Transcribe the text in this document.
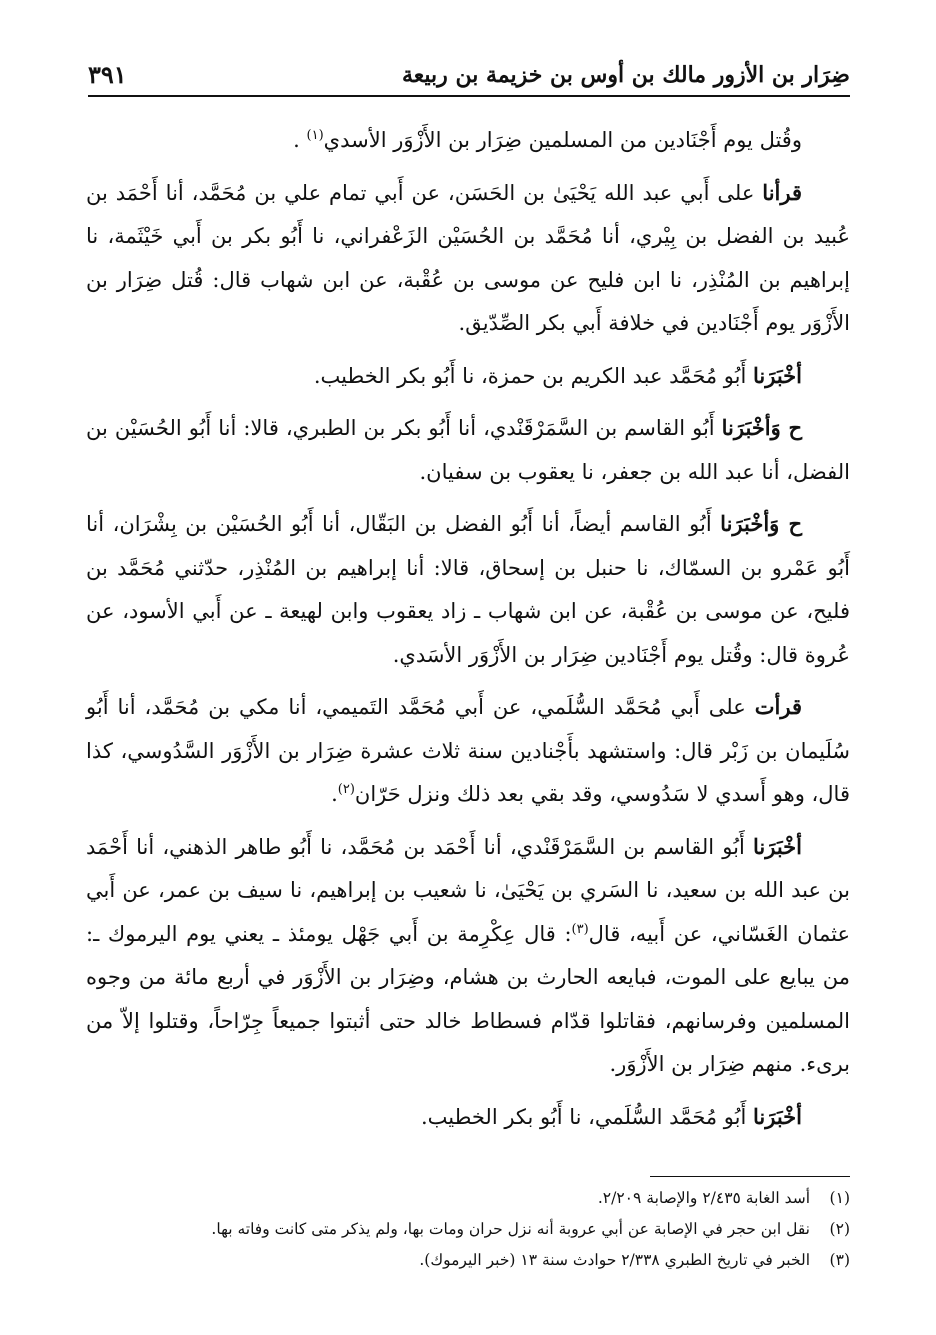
ضِرَار بن الأزور مالك بن أوس بن خزيمة بن ربيعة
٣٩١

وقُتل يوم أَجْنَادين من المسلمين ضِرَار بن الأَزْوَر الأسدي$^{(١)}$ .

قرأنا على أَبي عبد الله يَحْيَىٰ بن الحَسَن، عن أَبي تمام علي بن مُحَمَّد، أنا أَحْمَد بن عُبيد بن الفضل بن بِيْري، أنا مُحَمَّد بن الحُسَيْن الزَعْفراني، نا أَبُو بكر بن أَبي خَيْثَمة، نا إبراهيم بن المُنْذِر، نا ابن فليح عن موسى بن عُقْبة، عن ابن شهاب قال: قُتل ضِرَار بن الأَزْوَر يوم أَجْنَادين في خلافة أَبي بكر الصِّدّيق.

أخْبَرَنا أَبُو مُحَمَّد عبد الكريم بن حمزة، نا أَبُو بكر الخطيب.

ح وَأخْبَرَنا أَبُو القاسم بن السَّمَرْقَنْدي، أنا أَبُو بكر بن الطبري، قالا: أنا أَبُو الحُسَيْن بن الفضل، أنا عبد الله بن جعفر، نا يعقوب بن سفيان.

ح وَأخْبَرَنا أَبُو القاسم أيضاً، أنا أَبُو الفضل بن البَقّال، أنا أَبُو الحُسَيْن بن بِشْرَان، أنا أَبُو عَمْرو بن السمّاك، نا حنبل بن إسحاق، قالا: أنا إبراهيم بن المُنْذِر، حدّثني مُحَمَّد بن فليح، عن موسى بن عُقْبة، عن ابن شهاب ـ زاد يعقوب وابن لهيعة ـ عن أَبي الأسود، عن عُروة قال: وقُتل يوم أَجْنَادين ضِرَار بن الأَزْوَر الأسَدي.

قرأت على أَبي مُحَمَّد السُّلَمي، عن أَبي مُحَمَّد التَميمي، أنا مكي بن مُحَمَّد، أنا أَبُو سُلَيمان بن زَبْر قال: واستشهد بأَجْنادين سنة ثلاث عشرة ضِرَار بن الأَزْوَر السَّدُوسي، كذا قال، وهو أَسدي لا سَدُوسي، وقد بقي بعد ذلك ونزل حَرّان$^{(٢)}$.

أخْبَرَنا أَبُو القاسم بن السَّمَرْقَنْدي، أنا أَحْمَد بن مُحَمَّد، نا أَبُو طاهر الذهني، أنا أَحْمَد بن عبد الله بن سعيد، نا السَري بن يَحْيَىٰ، نا شعيب بن إبراهيم، نا سيف بن عمر، عن أَبي عثمان الغَسّاني، عن أَبيه، قال$^{(٣)}$: قال عِكْرِمة بن أَبي جَهْل يومئذ ـ يعني يوم اليرموك ـ: من يبايع على الموت، فبايعه الحارث بن هشام، وضِرَار بن الأَزْوَر في أربع مائة من وجوه المسلمين وفرسانهم، فقاتلوا قدّام فسطاط خالد حتى أثبتوا جميعاً جِرّاحاً، وقتلوا إلاّ من برىء. منهم ضِرَار بن الأَزْوَر.

أخْبَرَنا أَبُو مُحَمَّد السُّلَمي، نا أَبُو بكر الخطيب.

(١)أسد الغابة ٢/٤٣٥ والإصابة ٢/٢٠٩.

(٢)نقل ابن حجر في الإصابة عن أبي عروبة أنه نزل حران ومات بها، ولم يذكر متى كانت وفاته بها.

(٣)الخبر في تاريخ الطبري ٢/٣٣٨ حوادث سنة ١٣ (خبر اليرموك).
